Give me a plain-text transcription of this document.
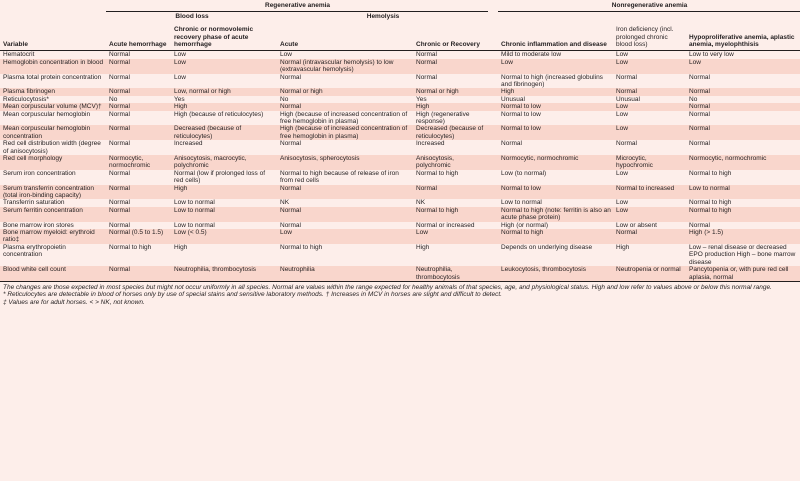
	Regenerative anemia					Nonregenerative anemia		
	Blood loss		Hemolysis					
Variable	Acute hemorrhage	Chronic or normovolemic recovery phase of acute hemorrhage	Acute	Chronic or Recovery		Chronic inflammation and disease	Iron deficiency (incl. prolonged chronic blood loss)	Hypoproliferative anemia, aplastic anemia, myelophthisis
Hematocrit	Normal	Low	Low	Normal		Mild to moderate low	Low	Low to very low
Hemoglobin concentration in blood	Normal	Low	Normal (intravascular hemolysis) to low (extravascular hemolysis)	Normal		Low	Low	Low
Plasma total protein concentration	Normal	Low	Normal	Normal		Normal to high (increased globulins and fibrinogen)	Normal	Normal
Plasma fibrinogen	Normal	Low, normal or high	Normal or high	Normal or high		High	Normal	Normal
Reticulocytosis*	No	Yes	No	Yes		Unusual	Unusual	No
Mean corpuscular volume (MCV)†	Normal	High	Normal	High		Normal to low	Low	Normal
Mean corpuscular hemoglobin	Normal	High (because of reticulocytes)	High (because of increased concentration of free hemoglobin in plasma)	High (regenerative response)		Normal to low	Low	Normal
Mean corpuscular hemoglobin concentration	Normal	Decreased (because of reticulocytes)	High (because of increased concentration of free hemoglobin in plasma)	Decreased (because of reticulocytes)		Normal to low	Low	Normal
Red cell distribution width (degree of anisocytosis)	Normal	Increased	Normal	Increased		Normal	Normal	Normal
Red cell morphology	Normocytic, normochromic	Anisocytosis, macrocytic, polychromic	Anisocytosis, spherocytosis	Anisocytosis, polychromic		Normocytic, normochromic	Microcytic, hypochromic	Normocytic, normochromic
Serum iron concentration	Normal	Normal (low if prolonged loss of red cells)	Normal to high because of release of iron from red cells	Normal to high		Low (to normal)	Low	Normal to high
Serum transferrin concentration (total iron-binding capacity)	Normal	High	Normal	Normal		Normal to low	Normal to increased	Low to normal
Transferrin saturation	Normal	Low to normal	NK	NK		Low to normal	Low	Normal to high
Serum ferritin concentration	Normal	Low to normal	Normal	Normal to high		Normal to high (note: ferritin is also an acute phase protein)	Low	Normal to high
Bone marrow iron stores	Normal	Low to normal	Normal	Normal or increased		High (or normal)	Low or absent	Normal
Bone marrow myeloid: erythroid ratio‡	Normal (0.5 to 1.5)	Low (< 0.5)	Low	Low		Normal to high	Normal	High (> 1.5)
Plasma erythropoietin concentration	Normal to high	High	Normal to high	High		Depends on underlying disease	High	Low – renal disease or decreased EPO production High – bone marrow disease
Blood white cell count	Normal	Neutrophilia, thrombocytosis	Neutrophilia	Neutrophilia, thrombocytosis		Leukocytosis, thrombocytosis	Neutropenia or normal	Pancytopenia or, with pure red cell aplasia, normal

The changes are those expected in most species but might not occur uniformly in all species. Normal are values within the range expected for healthy animals of that species, age, and physiological status. High and low refer to values above or below this normal range.

* Reticulocytes are detectable in blood of horses only by use of special stains and sensitive laboratory methods. † Increases in MCV in horses are slight and difficult to detect.

‡ Values are for adult horses. < > NK, not known.
